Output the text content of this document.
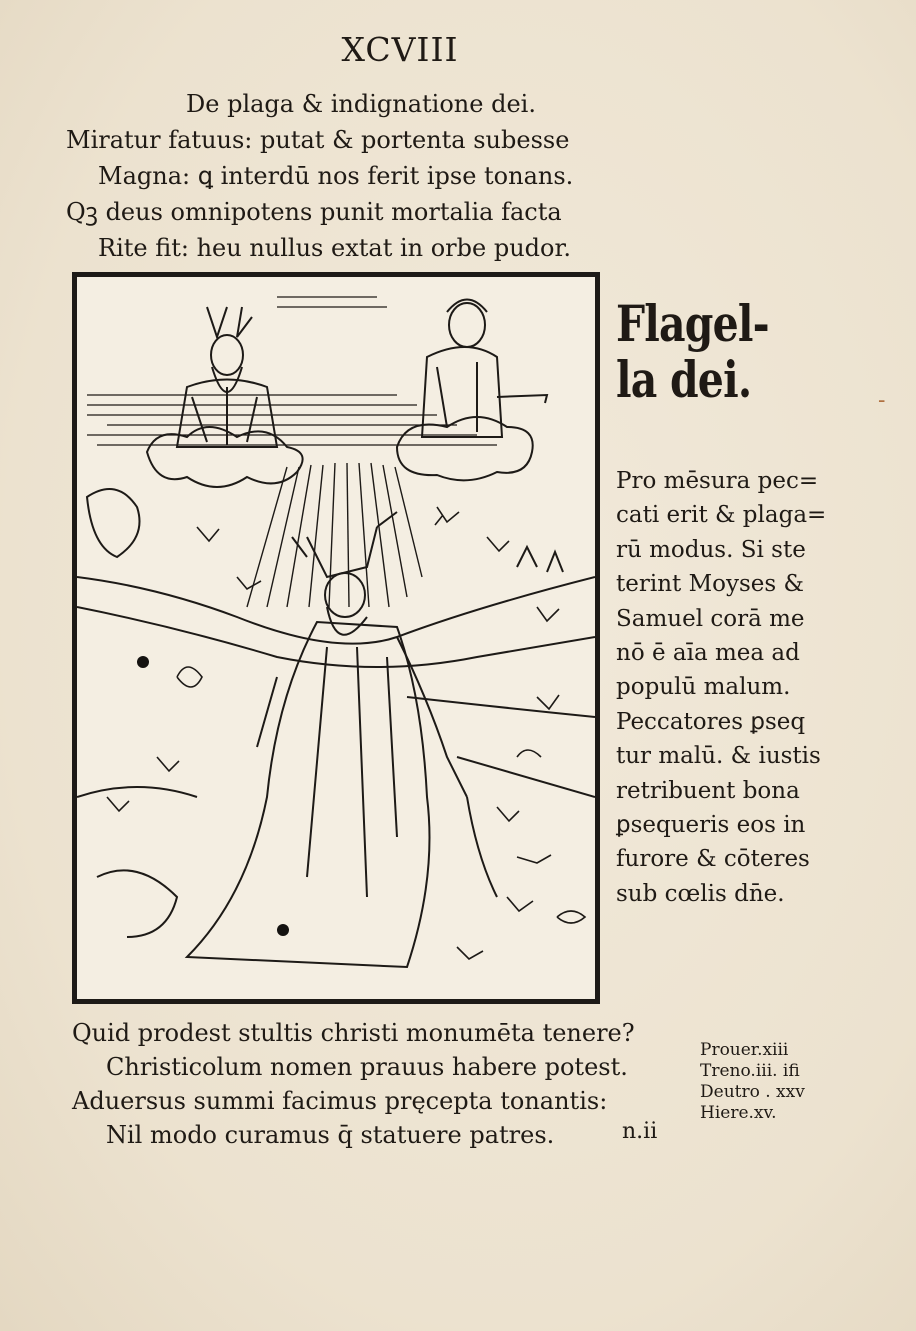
XCVIII
De plaga & indignatione dei.
Miratur fatuus: putat & portenta subesse
Magna: ꝗ interdū nos ferit ipse tonans.
Qꝫ deus omnipotens punit mortalia facta
Rite fit: heu nullus extat in orbe pudor.
-
Flagel-
la dei.
Pro mēsura pec=
cati erit & plaga=
rū modus. Si ste
terint Moyses &
Samuel corā me
nō ē aīa mea ad
populū malum.
Peccatores ꝑseq
tur malū. & iustis
retribuent bona
ꝑsequeris eos in
furore & cōteres
sub cœlis dn̄e.
Quid prodest stultis christi monumēta tenere?
Christicolum nomen prauus habere potest.
Aduersus summi facimus pręcepta tonantis:
Nil modo curamus q̄ statuere patres.	n.ii
Prouer.xiii
Treno.iii. ifi
Deutro . xxv
Hiere.xv.
